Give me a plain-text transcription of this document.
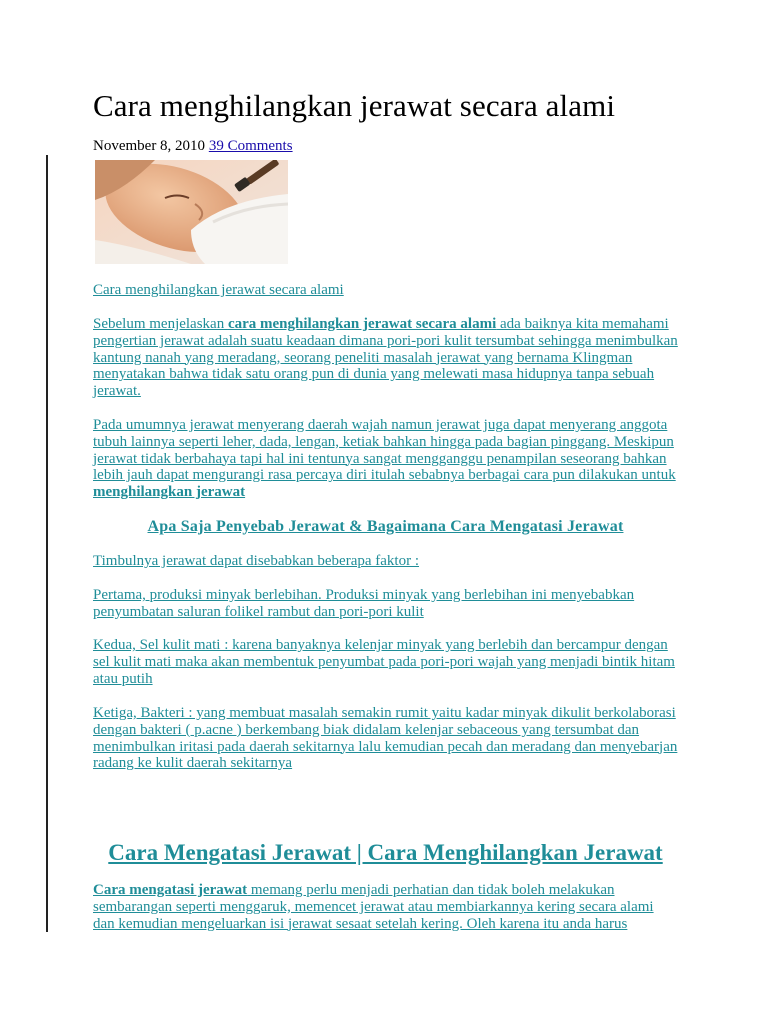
Cara menghilangkan jerawat secara alami
November 8, 2010 39 Comments

Cara menghilangkan jerawat secara alami

Sebelum menjelaskan cara menghilangkan jerawat secara alami ada baiknya kita memahami pengertian jerawat adalah suatu keadaan dimana pori-pori kulit tersumbat sehingga menimbulkan kantung nanah yang meradang, seorang peneliti masalah jerawat yang bernama Klingman menyatakan bahwa tidak satu orang pun di dunia yang melewati masa hidupnya tanpa sebuah jerawat.

Pada umumnya jerawat menyerang daerah wajah namun jerawat juga dapat menyerang anggota tubuh lainnya seperti leher, dada, lengan, ketiak bahkan hingga pada bagian pinggang. Meskipun jerawat tidak berbahaya tapi hal ini tentunya sangat mengganggu penampilan seseorang bahkan lebih jauh dapat mengurangi rasa percaya diri itulah sebabnya berbagai cara pun dilakukan untuk menghilangkan jerawat

Apa Saja Penyebab Jerawat & Bagaimana Cara Mengatasi Jerawat

Timbulnya jerawat dapat disebabkan beberapa faktor :

Pertama, produksi minyak berlebihan. Produksi minyak yang berlebihan ini menyebabkan penyumbatan saluran folikel rambut dan pori-pori kulit

Kedua, Sel kulit mati : karena banyaknya kelenjar minyak yang berlebih dan bercampur dengan sel kulit mati maka akan membentuk penyumbat pada pori-pori wajah yang menjadi bintik hitam atau putih

Ketiga, Bakteri : yang membuat masalah semakin rumit yaitu kadar minyak dikulit berkolaborasi dengan bakteri ( p.acne ) berkembang biak didalam kelenjar sebaceous yang tersumbat dan menimbulkan iritasi pada daerah sekitarnya lalu kemudian pecah dan meradang dan menyebarjan radang ke kulit daerah sekitarnya

Cara Mengatasi Jerawat | Cara Menghilangkan Jerawat

Cara mengatasi jerawat memang perlu menjadi perhatian dan tidak boleh melakukan sembarangan seperti menggaruk, memencet jerawat atau membiarkannya kering secara alami dan kemudian mengeluarkan isi jerawat sesaat setelah kering. Oleh karena itu anda harus
